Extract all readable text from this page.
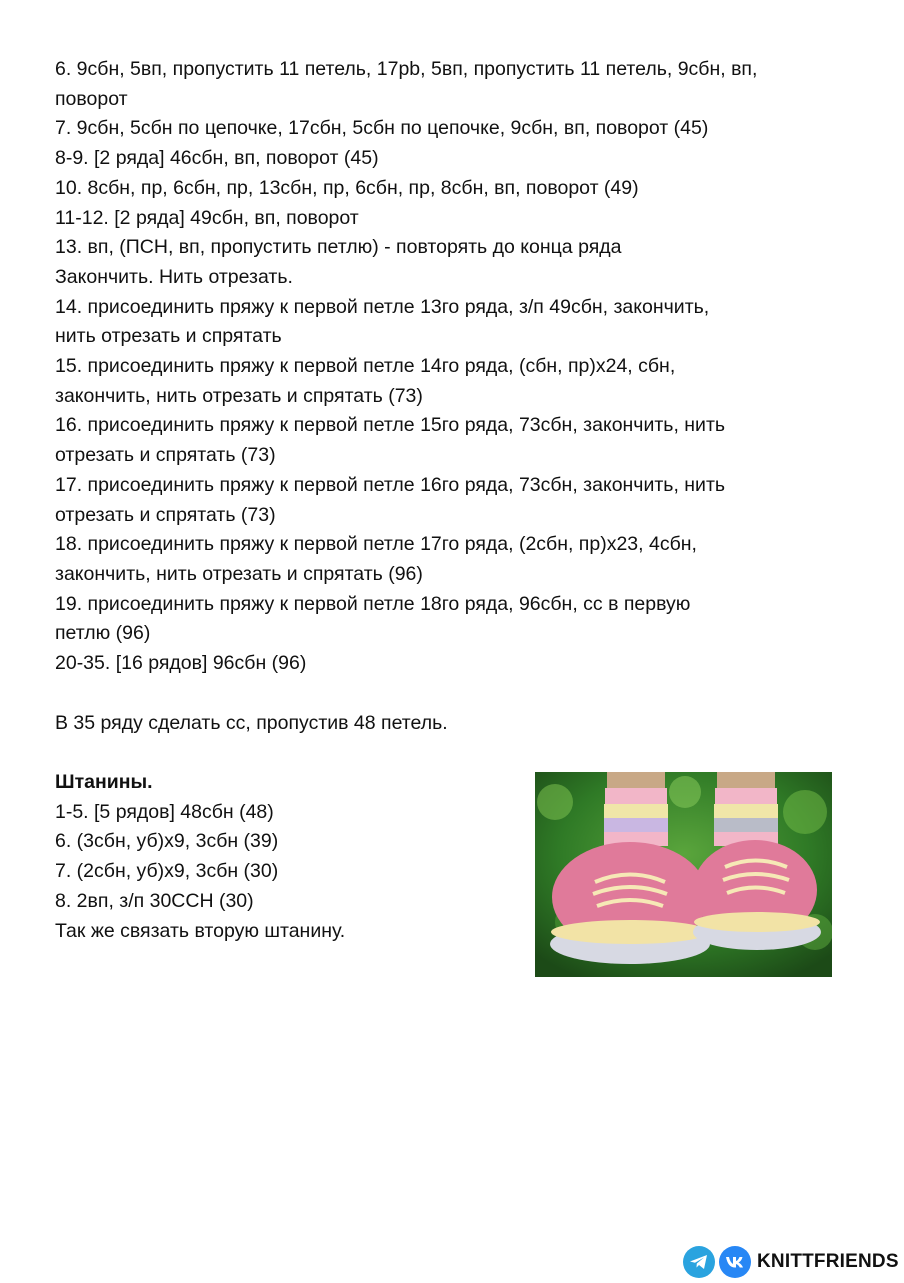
6. 9сбн, 5вп, пропустить 11 петель, 17pb, 5вп, пропустить 11 петель, 9сбн, вп,
поворот
7. 9сбн, 5сбн по цепочке, 17сбн, 5сбн по цепочке, 9сбн, вп, поворот (45)
8-9. [2 ряда] 46сбн, вп, поворот (45)
10. 8сбн, пр, 6сбн, пр, 13сбн, пр, 6сбн, пр, 8сбн, вп, поворот (49)
11-12. [2 ряда] 49сбн, вп, поворот
13. вп, (ПСН, вп, пропустить петлю) - повторять до конца ряда
Закончить. Нить отрезать.
14. присоединить пряжу к первой петле 13го ряда, з/п 49сбн, закончить,
нить отрезать и спрятать
15. присоединить пряжу к первой петле 14го ряда, (сбн, пр)х24, сбн,
закончить, нить отрезать и спрятать (73)
16. присоединить пряжу к первой петле 15го ряда, 73сбн, закончить, нить
отрезать и спрятать (73)
17. присоединить пряжу к первой петле 16го ряда, 73сбн, закончить, нить
отрезать и спрятать (73)
18. присоединить пряжу к первой петле 17го ряда, (2сбн, пр)х23, 4сбн,
закончить, нить отрезать и спрятать (96)
19. присоединить пряжу к первой петле 18го ряда, 96сбн, сс в первую
петлю (96)
20-35. [16 рядов] 96сбн (96)
В 35 ряду сделать сс, пропустив 48 петель.
Штанины.
1-5. [5 рядов] 48сбн (48)
6. (3сбн, уб)х9, 3сбн (39)
7. (2сбн, уб)х9, 3сбн (30)
8. 2вп, з/п 30ССН (30)
Так же связать вторую штанину.
KNITTFRIENDS
